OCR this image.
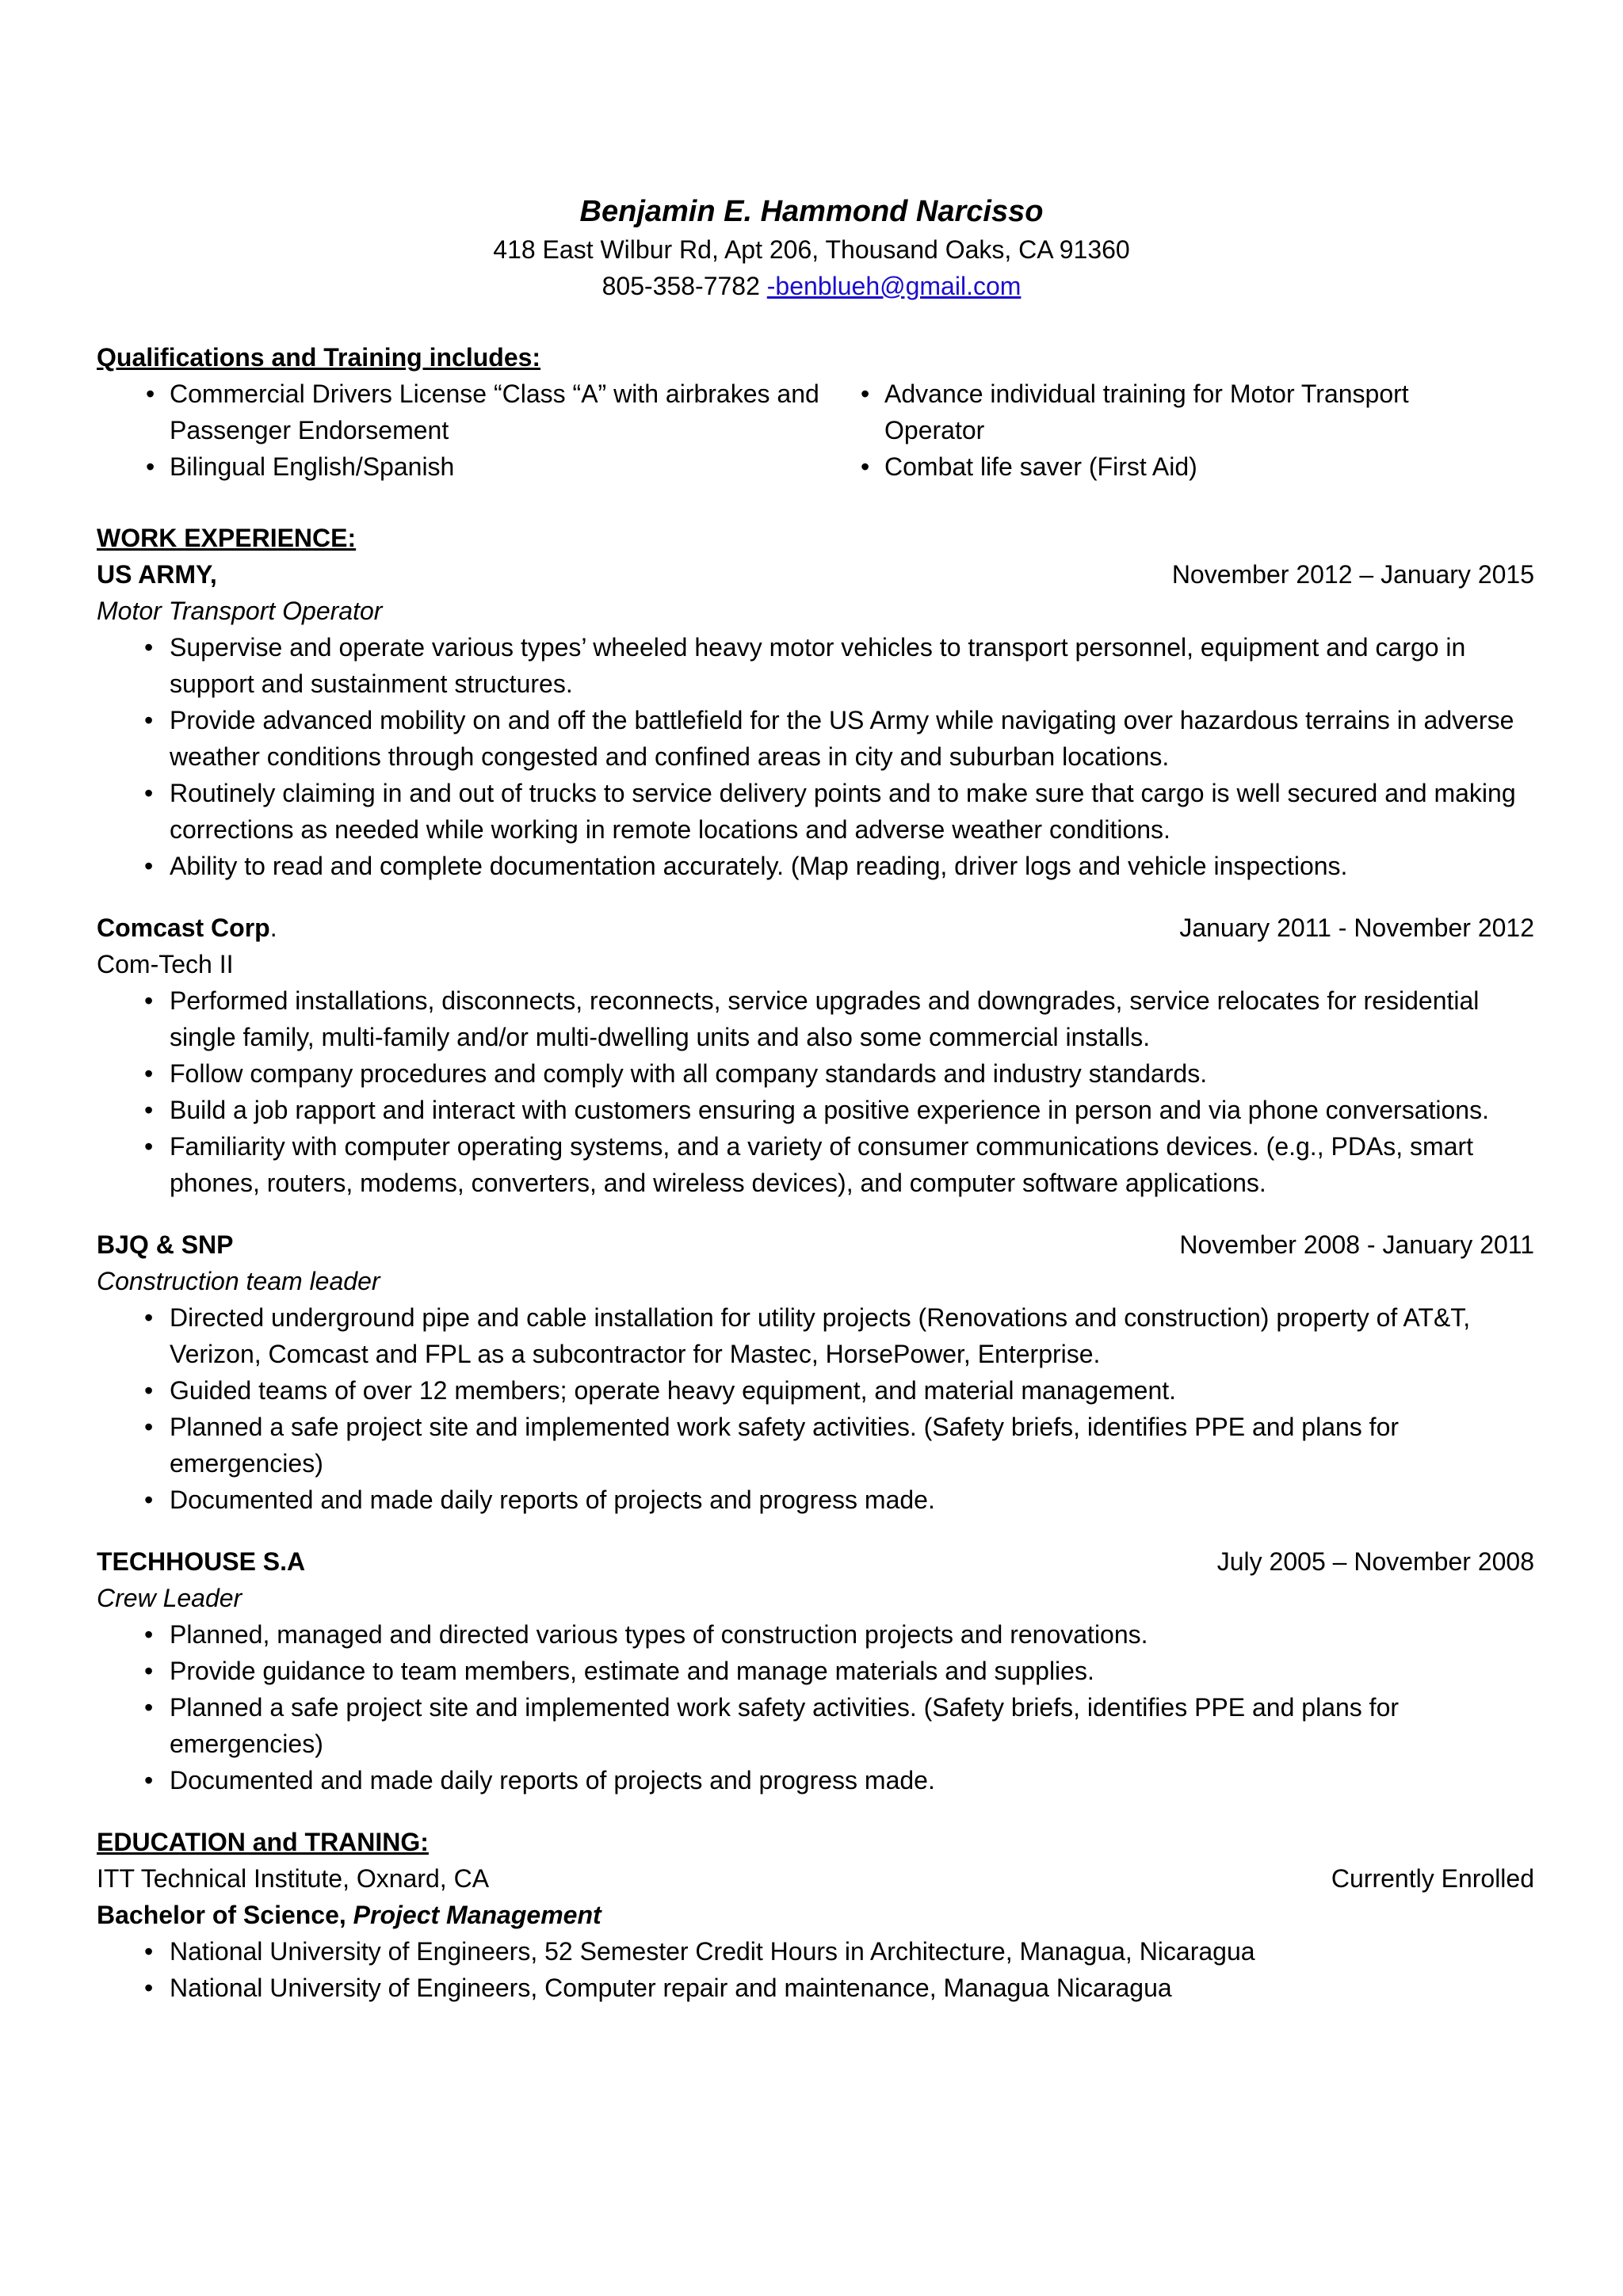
Benjamin E. Hammond Narcisso
418 East Wilbur Rd, Apt 206, Thousand Oaks, CA 91360
805-358-7782 -benblueh@gmail.com
Qualifications and Training includes:
• Commercial Drivers License “Class “A” with airbrakes and Passenger Endorsement
• Bilingual English/Spanish
• Advance individual training for Motor Transport Operator
• Combat life saver (First Aid)
WORK EXPERIENCE:
US ARMY,	November 2012 – January 2015
Motor Transport Operator
• Supervise and operate various types’ wheeled heavy motor vehicles to transport personnel, equipment and cargo in support and sustainment structures.
• Provide advanced mobility on and off the battlefield for the US Army while navigating over hazardous terrains in adverse weather conditions through congested and confined areas in city and suburban locations.
• Routinely claiming in and out of trucks to service delivery points and to make sure that cargo is well secured and making corrections as needed while working in remote locations and adverse weather conditions.
• Ability to read and complete documentation accurately. (Map reading, driver logs and vehicle inspections.
Comcast Corp.	January 2011 - November 2012
Com-Tech II
• Performed installations, disconnects, reconnects, service upgrades and downgrades, service relocates for residential single family, multi-family and/or multi-dwelling units and also some commercial installs.
• Follow company procedures and comply with all company standards and industry standards.
• Build a job rapport and interact with customers ensuring a positive experience in person and via phone conversations.
• Familiarity with computer operating systems, and a variety of consumer communications devices. (e.g., PDAs, smart phones, routers, modems, converters, and wireless devices), and computer software applications.
BJQ & SNP	November 2008 - January 2011
Construction team leader
• Directed underground pipe and cable installation for utility projects (Renovations and construction) property of AT&T, Verizon, Comcast and FPL as a subcontractor for Mastec, HorsePower, Enterprise.
• Guided teams of over 12 members; operate heavy equipment, and material management.
• Planned a safe project site and implemented work safety activities. (Safety briefs, identifies PPE and plans for emergencies)
• Documented and made daily reports of projects and progress made.
TECHHOUSE S.A	July 2005 – November 2008
Crew Leader
• Planned, managed and directed various types of construction projects and renovations.
• Provide guidance to team members, estimate and manage materials and supplies.
• Planned a safe project site and implemented work safety activities. (Safety briefs, identifies PPE and plans for emergencies)
• Documented and made daily reports of projects and progress made.
EDUCATION and TRANING:
ITT Technical Institute, Oxnard, CA	Currently Enrolled
Bachelor of Science, Project Management
• National University of Engineers, 52 Semester Credit Hours in Architecture, Managua, Nicaragua
• National University of Engineers, Computer repair and maintenance, Managua Nicaragua
